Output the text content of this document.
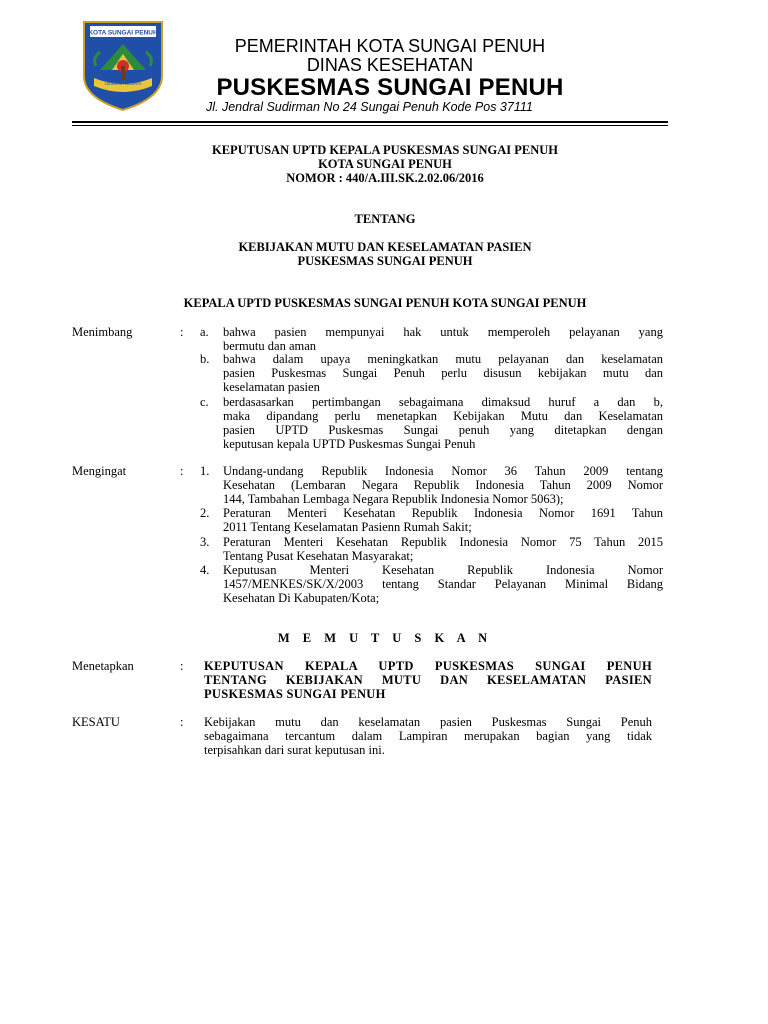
KOTA SUNGAI PENUH
SALAMPAH SADANTE
PEMERINTAH KOTA SUNGAI PENUH
DINAS KESEHATAN
PUSKESMAS SUNGAI PENUH
Jl. Jendral Sudirman No 24 Sungai Penuh Kode Pos 37111
KEPUTUSAN UPTD KEPALA PUSKESMAS SUNGAI PENUH
KOTA SUNGAI PENUH
NOMOR : 440/A.III.SK.2.02.06/2016
TENTANG
KEBIJAKAN MUTU DAN KESELAMATAN PASIEN
PUSKESMAS SUNGAI PENUH
KEPALA UPTD PUSKESMAS SUNGAI PENUH KOTA SUNGAI PENUH
Menimbang	: a. bahwa pasien mempunyai hak untuk memperoleh pelayanan yang
bermutu dan aman
b. bahwa dalam upaya meningkatkan mutu pelayanan dan keselamatan
pasien Puskesmas Sungai Penuh perlu disusun kebijakan mutu dan
keselamatan pasien
c. berdasasarkan pertimbangan sebagaimana dimaksud huruf a dan b,
maka dipandang perlu menetapkan Kebijakan Mutu dan Keselamatan
pasien UPTD Puskesmas Sungai penuh yang ditetapkan dengan
keputusan kepala UPTD Puskesmas Sungai Penuh
Mengingat	: 1. Undang-undang Republik Indonesia Nomor 36 Tahun 2009 tentang
Kesehatan (Lembaran Negara Republik Indonesia Tahun 2009 Nomor
144, Tambahan Lembaga Negara Republik Indonesia Nomor 5063);
2. Peraturan Menteri Kesehatan Republik Indonesia Nomor 1691 Tahun
2011 Tentang Keselamatan Pasienn Rumah Sakit;
3. Peraturan Menteri Kesehatan Republik Indonesia Nomor 75 Tahun 2015
Tentang Pusat Kesehatan Masyarakat;
4. Keputusan Menteri Kesehatan Republik Indonesia Nomor
1457/MENKES/SK/X/2003 tentang Standar Pelayanan Minimal Bidang
Kesehatan Di Kabupaten/Kota;
M E M U T U S K A N
Menetapkan	: KEPUTUSAN KEPALA UPTD PUSKESMAS SUNGAI PENUH
TENTANG KEBIJAKAN MUTU DAN KESELAMATAN PASIEN
PUSKESMAS SUNGAI PENUH
KESATU	: Kebijakan mutu dan keselamatan pasien Puskesmas Sungai Penuh
sebagaimana tercantum dalam Lampiran merupakan bagian yang tidak
terpisahkan dari surat keputusan ini.
